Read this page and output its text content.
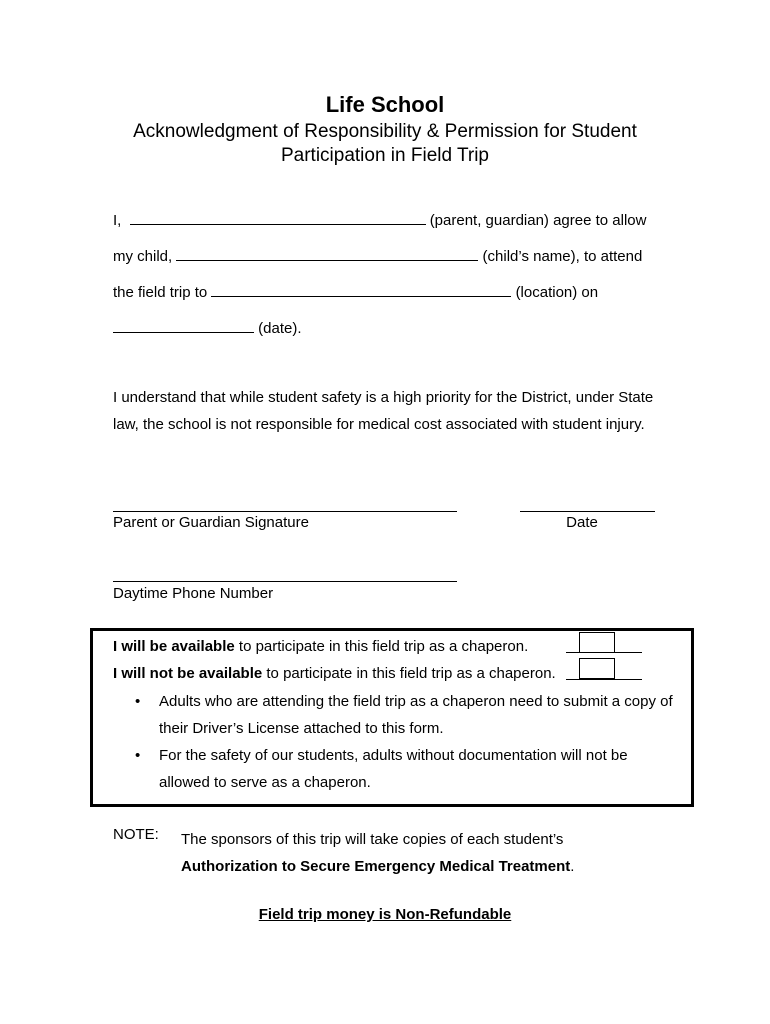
Life School
Acknowledgment of Responsibility & Permission for Student
Participation in Field Trip
I,	(parent, guardian) agree to allow
my child,	(child’s name), to attend
the field trip to	(location) on
(date).
I understand that while student safety is a high priority for the District, under State law, the school is not responsible for medical cost associated with student injury.
Parent or Guardian Signature	Date
Daytime Phone Number
I will be available to participate in this field trip as a chaperon.
I will not be available to participate in this field trip as a chaperon.
• Adults who are attending the field trip as a chaperon need to submit a copy of their Driver’s License attached to this form.
• For the safety of our students, adults without documentation will not be allowed to serve as a chaperon.
NOTE: The sponsors of this trip will take copies of each student’s
Authorization to Secure Emergency Medical Treatment.
Field trip money is Non-Refundable
